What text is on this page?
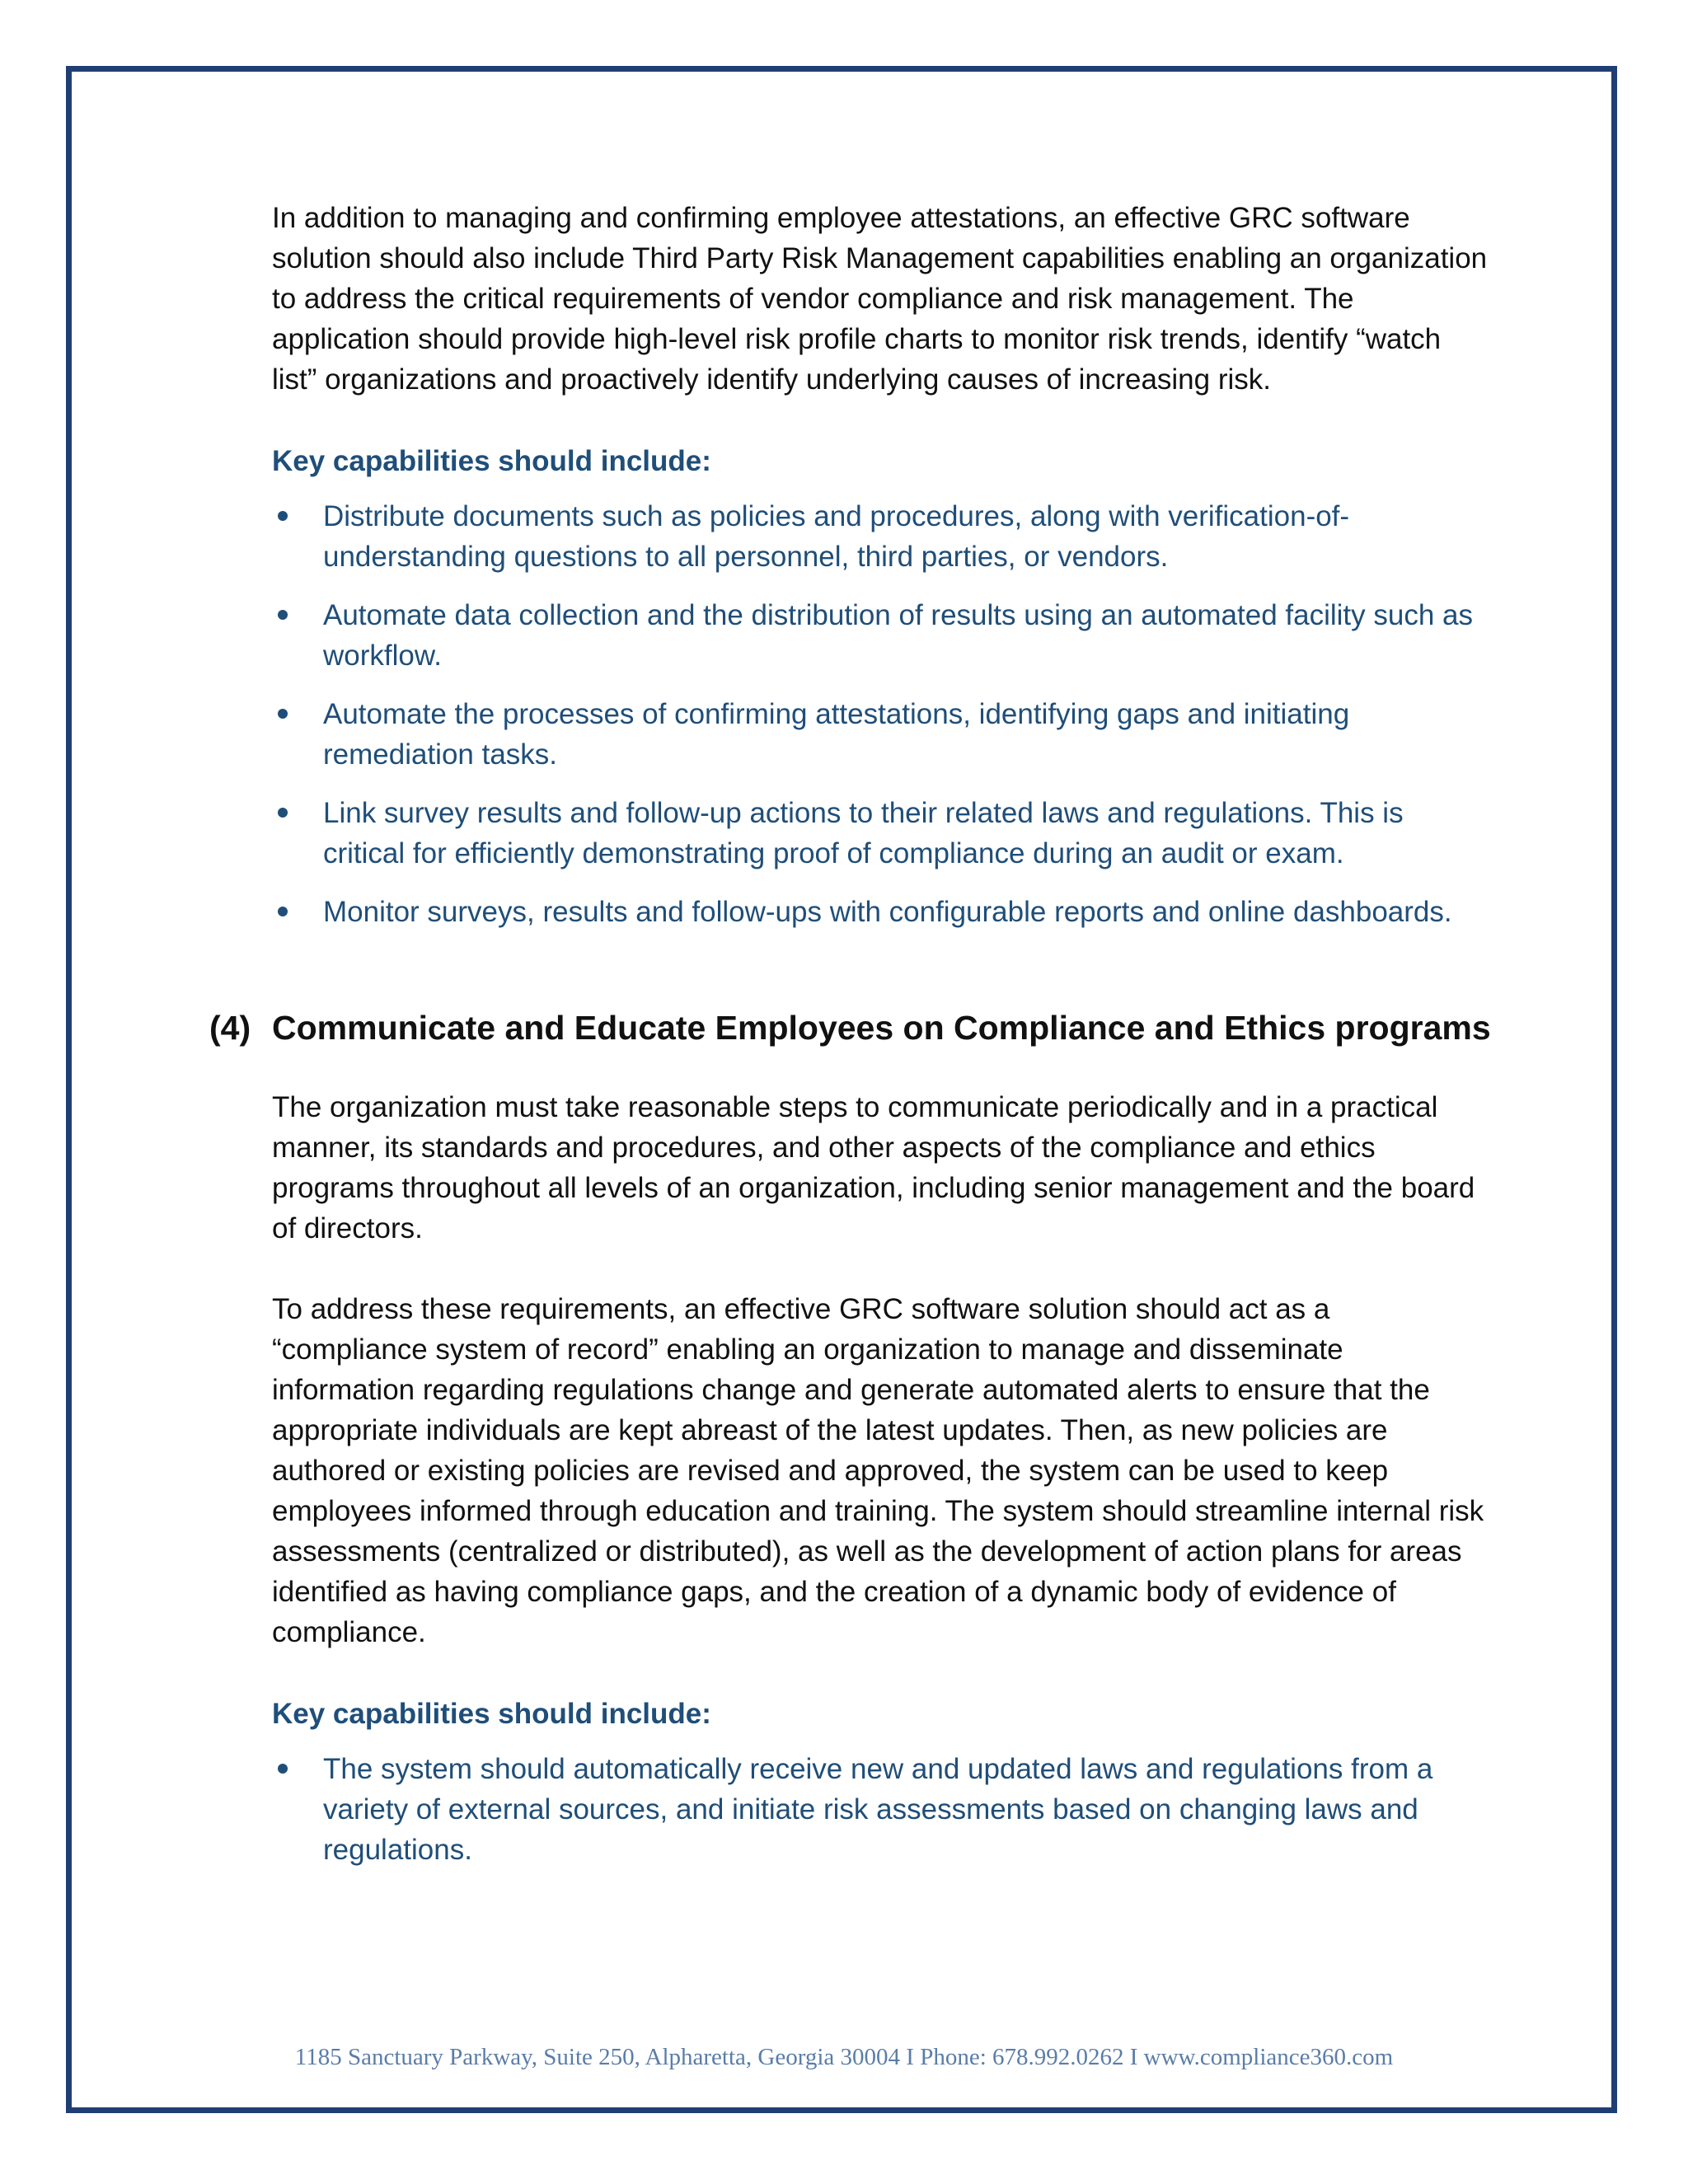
In addition to managing and confirming employee attestations, an effective GRC software solution should also include Third Party Risk Management capabilities enabling an organization to address the critical requirements of vendor compliance and risk management. The application should provide high-level risk profile charts to monitor risk trends, identify “watch list” organizations and proactively identify underlying causes of increasing risk.

Key capabilities should include:
Distribute documents such as policies and procedures, along with verification-of-understanding questions to all personnel, third parties, or vendors.
Automate data collection and the distribution of results using an automated facility such as workflow.
Automate the processes of confirming attestations, identifying gaps and initiating remediation tasks.
Link survey results and follow-up actions to their related laws and regulations. This is critical for efficiently demonstrating proof of compliance during an audit or exam.
Monitor surveys, results and follow-ups with configurable reports and online dashboards.
(4) Communicate and Educate Employees on Compliance and Ethics programs

The organization must take reasonable steps to communicate periodically and in a practical manner, its standards and procedures, and other aspects of the compliance and ethics programs throughout all levels of an organization, including senior management and the board of directors.

To address these requirements, an effective GRC software solution should act as a “compliance system of record” enabling an organization to manage and disseminate information regarding regulations change and generate automated alerts to ensure that the appropriate individuals are kept abreast of the latest updates. Then, as new policies are authored or existing policies are revised and approved, the system can be used to keep employees informed through education and training. The system should streamline internal risk assessments (centralized or distributed), as well as the development of action plans for areas identified as having compliance gaps, and the creation of a dynamic body of evidence of compliance.

Key capabilities should include:
The system should automatically receive new and updated laws and regulations from a variety of external sources, and initiate risk assessments based on changing laws and regulations.
1185 Sanctuary Parkway, Suite 250, Alpharetta, Georgia 30004 I Phone: 678.992.0262 I www.compliance360.com
